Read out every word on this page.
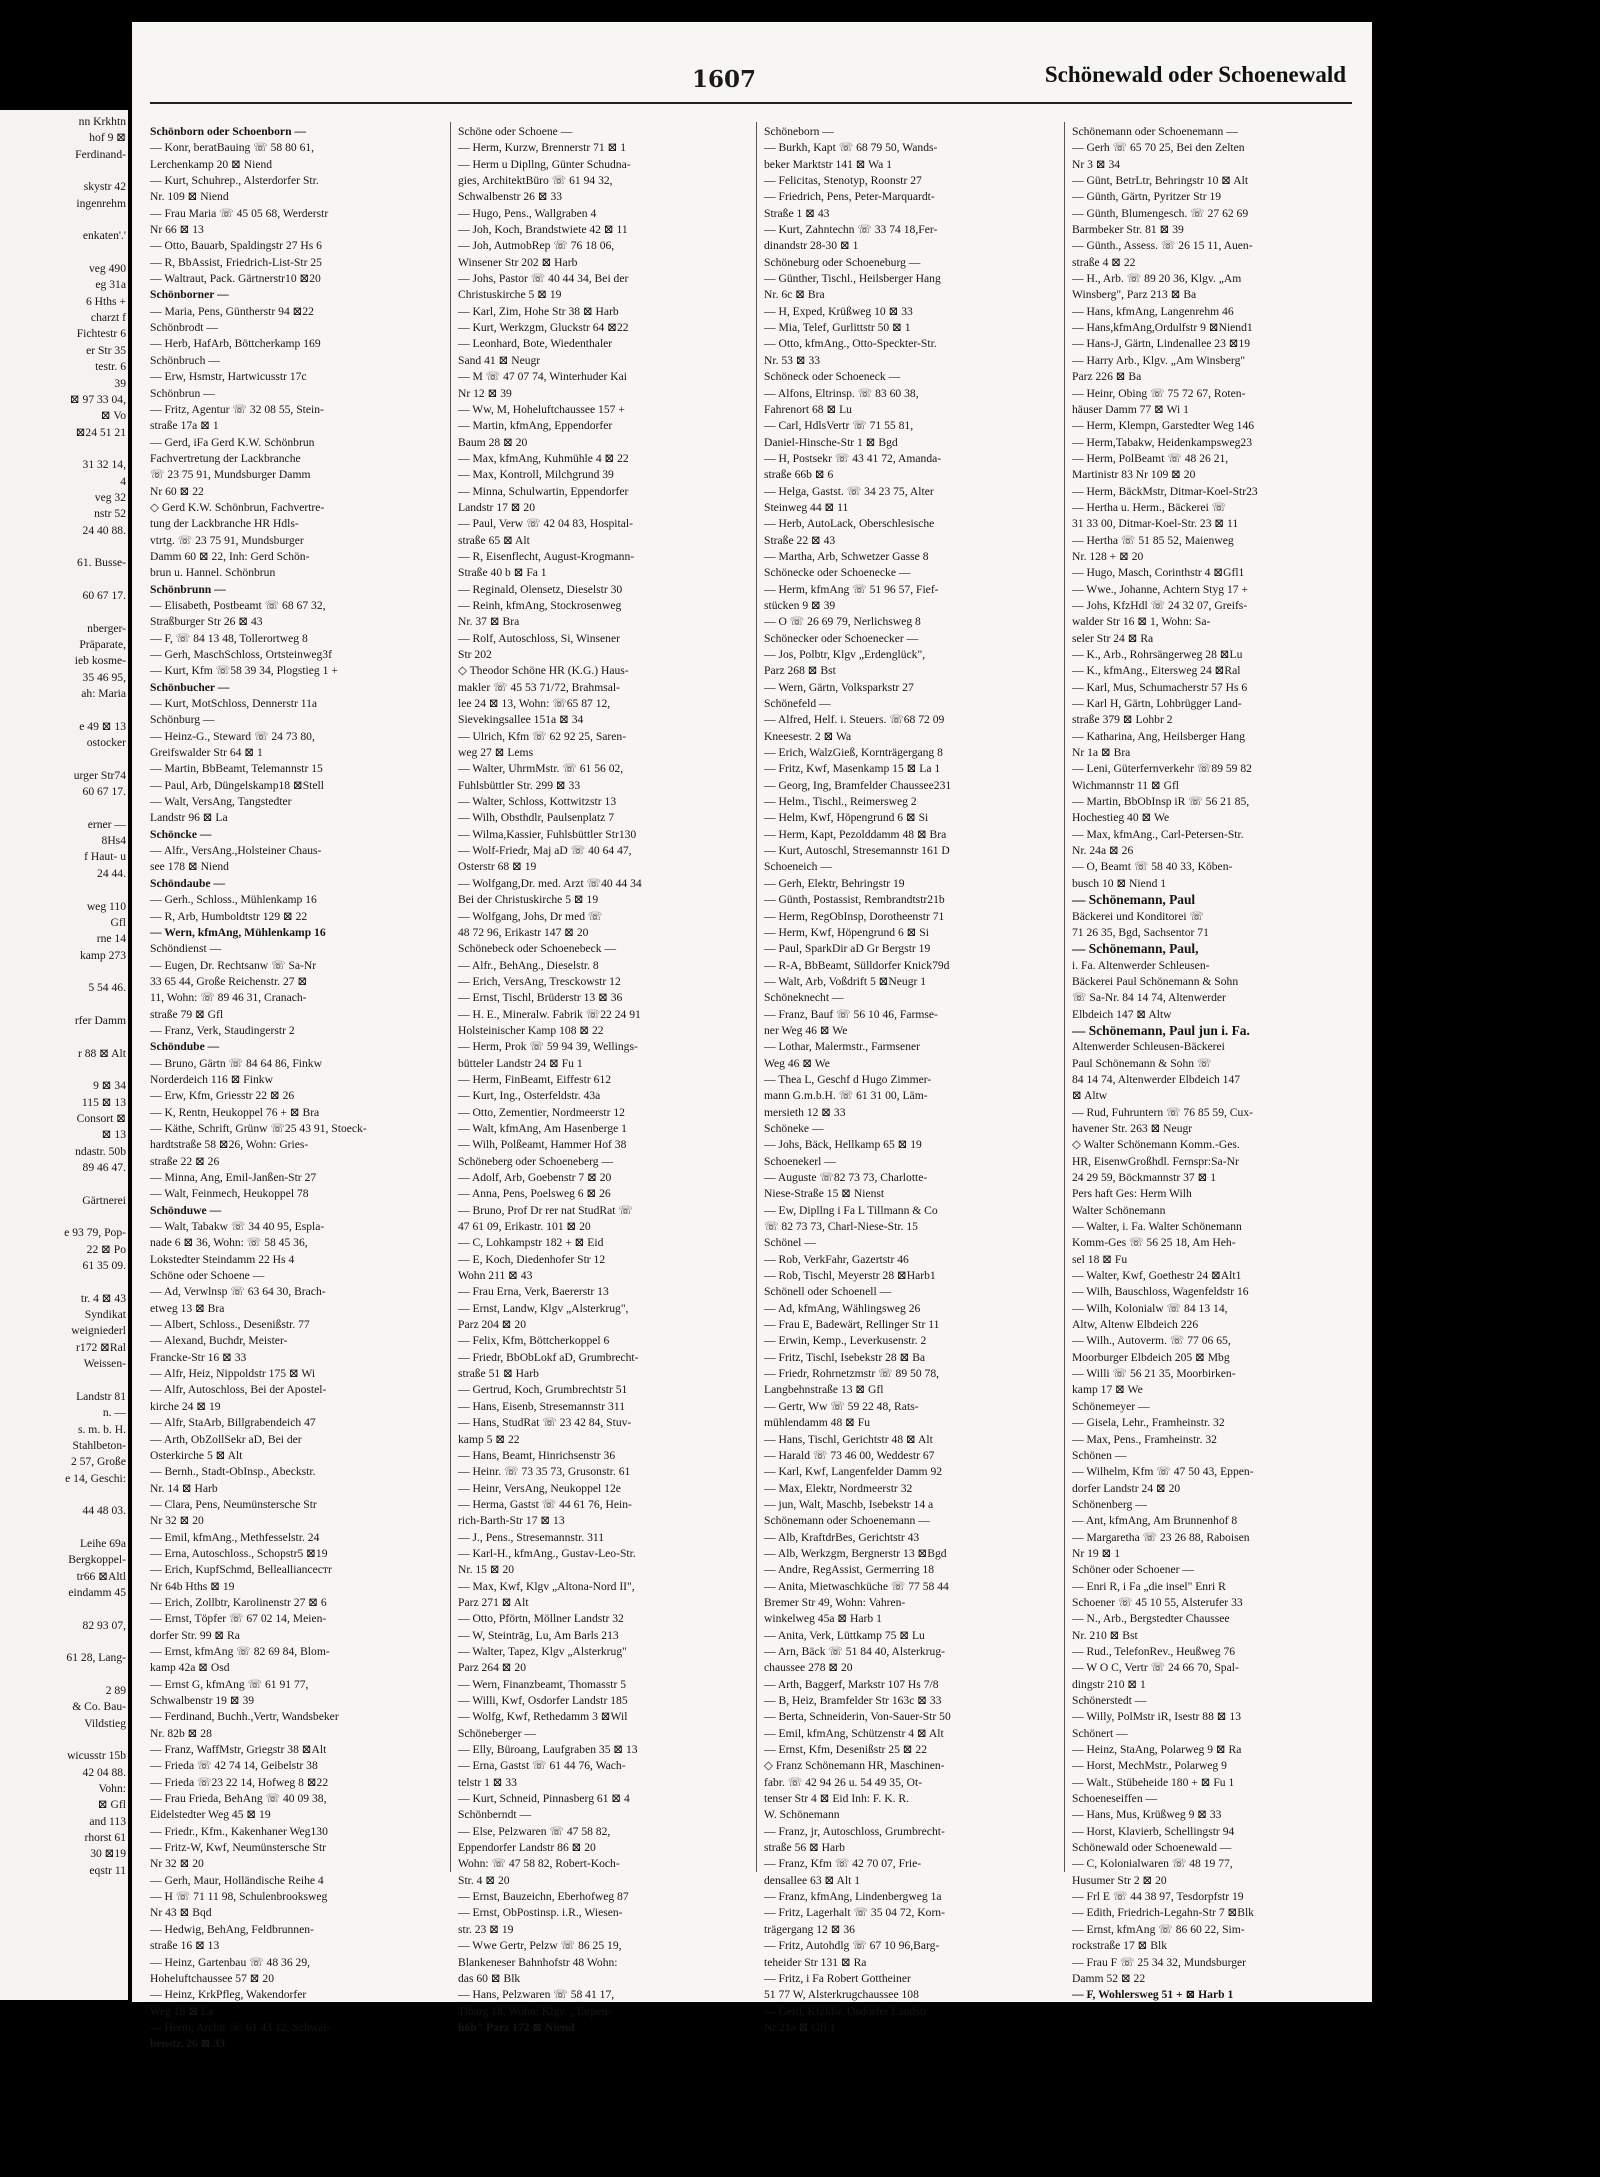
nn Krkhtn
hof 9 ⊠
Ferdinand-

skystr 42
ingenrehm

enkaten'.'

veg 490
eg 31a
6 Hths +
charzt f
Fichtestr 6
er Str 35
testr. 6
39
⊠ 97 33 04,
⊠ Vo
⊠24 51 21

31 32 14,
4
veg 32
nstr 52
24 40 88.

61. Busse-

60 67 17.

nberger-
Präparate,
ieb kosme-
35 46 95,
ah: Maria

e 49 ⊠ 13
ostocker

urger Str74
60 67 17.

erner —
8Hs4
f Haut- u
24 44.

weg 110
Gfl
rne 14
kamp 273

5 54 46.

rfer Damm

r 88 ⊠ Alt

9 ⊠ 34
115 ⊠ 13
Consort ⊠
⊠ 13
ndastr. 50b
89 46 47.

Gärtnerei

e 93 79, Pop-
22 ⊠ Po
61 35 09.

tr. 4 ⊠ 43
Syndikat
weigniederl
r172 ⊠Ral
Weissen-

Landstr 81
n. —
s. m. b. H.
Stahlbeton-
2 57, Große
e 14, Geschi:

44 48 03.

Leihe 69a
Bergkoppel-
tr66 ⊠Altl
eindamm 45

82 93 07,

61 28, Lang-

2 89
& Co. Bau-
Vildstieg

wicusstr 15b
42 04 88.
Vohn:
⊠ Gfl
and 113
rhorst 61
30 ⊠19
eqstr 11
1607	Schönewald oder Schoenewald
Schönborn oder Schoenborn —
— Konr, beratBauing ☏ 58 80 61,
Lerchenkamp 20 ⊠ Niend
— Kurt, Schuhrep., Alsterdorfer Str.
Nr. 109 ⊠ Niend
— Frau Maria ☏ 45 05 68, Werderstr
Nr 66 ⊠ 13
— Otto, Bauarb, Spaldingstr 27 Hs 6
— R, BbAssist, Friedrich-List-Str 25
— Waltraut, Pack. Gärtnerstr10 ⊠20
Schönborner —
— Maria, Pens, Güntherstr 94 ⊠22
Schönbrodt —
— Herb, HafArb, Böttcherkamp 169
Schönbruch —
— Erw, Hsmstr, Hartwicusstr 17c
Schönbrun —
— Fritz, Agentur ☏ 32 08 55, Stein-
straße 17a ⊠ 1
— Gerd, iFa Gerd K.W. Schönbrun
Fachvertretung der Lackbranche
☏ 23 75 91, Mundsburger Damm
Nr 60 ⊠ 22
◇ Gerd K.W. Schönbrun, Fachvertre-
tung der Lackbranche HR Hdls-
vtrtg. ☏ 23 75 91, Mundsburger
Damm 60 ⊠ 22, Inh: Gerd Schön-
brun u. Hannel. Schönbrun
Schönbrunn —
— Elisabeth, Postbeamt ☏ 68 67 32,
Straßburger Str 26 ⊠ 43
— F, ☏ 84 13 48, Tollerortweg 8
— Gerh, MaschSchloss, Ortsteinweg3f
— Kurt, Kfm ☏58 39 34, Plogstieg 1 +
Schönbucher —
— Kurt, MotSchloss, Dennerstr 11a
Schönburg —
— Heinz-G., Steward ☏ 24 73 80,
Greifswalder Str 64 ⊠ 1
— Martin, BbBeamt, Telemannstr 15
— Paul, Arb, Düngelskamp18 ⊠Stell
— Walt, VersAng, Tangstedter
Landstr 96 ⊠ La
Schöncke —
— Alfr., VersAng.,Holsteiner Chaus-
see 178 ⊠ Niend
Schöndaube —
— Gerh., Schloss., Mühlenkamp 16
— R, Arb, Humboldtstr 129 ⊠ 22
— Wern, kfmAng, Mühlenkamp 16
Schöndienst —
— Eugen, Dr. Rechtsanw ☏ Sa-Nr
33 65 44, Große Reichenstr. 27 ⊠
11, Wohn: ☏ 89 46 31, Cranach-
straße 79 ⊠ Gfl
— Franz, Verk, Staudingerstr 2
Schöndube —
— Bruno, Gärtn ☏ 84 64 86, Finkw
Norderdeich 116 ⊠ Finkw
— Erw, Kfm, Griesstr 22 ⊠ 26
— K, Rentn, Heukoppel 76 + ⊠ Bra
— Käthe, Schrift, Grünw ☏25 43 91, Stoeck-
hardtstraße 58 ⊠26, Wohn: Gries-
straße 22 ⊠ 26
— Minna, Ang, Emil-Janßen-Str 27
— Walt, Feinmech, Heukoppel 78
Schönduwe —
— Walt, Tabakw ☏ 34 40 95, Espla-
nade 6 ⊠ 36, Wohn: ☏ 58 45 36,
Lokstedter Steindamm 22 Hs 4
Schöne oder Schoene —
— Ad, Verwlnsp ☏ 63 64 30, Brach-
etweg 13 ⊠ Bra
— Albert, Schloss., Desenißstr. 77
— Alexand, Buchdr, Meister-
Francke-Str 16 ⊠ 33
— Alfr, Heiz, Nippoldstr 175 ⊠ Wi
— Alfr, Autoschloss, Bei der Apostel-
kirche 24 ⊠ 19
— Alfr, StaArb, Billgrabendeich 47
— Arth, ObZollSekr aD, Bei der
Osterkirche 5 ⊠ Alt
— Bernh., Stadt-ObInsp., Abeckstr.
Nr. 14 ⊠ Harb
— Clara, Pens, Neumünstersche Str
Nr 32 ⊠ 20
— Emil, kfmAng., Methfesselstr. 24
— Erna, Autoschloss., Schopstr5 ⊠19
— Erich, KupfSchmd, Belleallianceстr
Nr 64b Hths ⊠ 19
— Erich, Zollbtr, Karolinenstr 27 ⊠ 6
— Ernst, Töpfer ☏ 67 02 14, Meien-
dorfer Str. 99 ⊠ Ra
— Ernst, kfmAng ☏ 82 69 84, Blom-
kamp 42a ⊠ Osd
— Ernst G, kfmAng ☏ 61 91 77,
Schwalbenstr 19 ⊠ 39
— Ferdinand, Buchh.,Vertr, Wandsbeker
Nr. 82b ⊠ 28
— Franz, WaffMstr, Griegstr 38 ⊠Alt
— Frieda ☏ 42 74 14, Geibelstr 38
— Frieda ☏23 22 14, Hofweg 8 ⊠22
— Frau Frieda, BehAng ☏ 40 09 38,
Eidelstedter Weg 45 ⊠ 19
— Friedr., Kfm., Kakenhaner Weg130
— Fritz-W, Kwf, Neumünstersche Str
Nr 32 ⊠ 20
— Gerh, Maur, Holländische Reihe 4
— H ☏ 71 11 98, Schulenbrooksweg
Nr 43 ⊠ Bqd
— Hedwig, BehAng, Feldbrunnen-
straße 16 ⊠ 13
— Heinz, Gartenbau ☏ 48 36 29,
Hoheluftchaussee 57 ⊠ 20
— Heinz, KrkPfleg, Wakendorfer
Weg 18 ⊠ La
— Herm, Archit ☏ 61 43 12, Schwal-
benstr. 26 ⊠ 33
Schöne oder Schoene —
— Herm, Kurzw, Brennerstr 71 ⊠ 1
— Herm u Dipllng, Günter Schudna-
gies, ArchitektBüro ☏ 61 94 32,
Schwalbenstr 26 ⊠ 33
— Hugo, Pens., Wallgraben 4
— Joh, Koch, Brandstwiete 42 ⊠ 11
— Joh, AutmobRep ☏ 76 18 06,
Winsener Str 202 ⊠ Harb
— Johs, Pastor ☏ 40 44 34, Bei der
Christuskirche 5 ⊠ 19
— Karl, Zim, Hohe Str 38 ⊠ Harb
— Kurt, Werkzgm, Gluckstr 64 ⊠22
— Leonhard, Bote, Wiedenthaler
Sand 41 ⊠ Neugr
— M ☏ 47 07 74, Winterhuder Kai
Nr 12 ⊠ 39
— Ww, M, Hoheluftchaussee 157 +
— Martin, kfmAng, Eppendorfer
Baum 28 ⊠ 20
— Max, kfmAng, Kuhmühle 4 ⊠ 22
— Max, Kontroll, Milchgrund 39
— Minna, Schulwartin, Eppendorfer
Landstr 17 ⊠ 20
— Paul, Verw ☏ 42 04 83, Hospital-
straße 65 ⊠ Alt
— R, Eisenflecht, August-Krogmann-
Straße 40 b ⊠ Fa 1
— Reginald, Olensetz, Dieselstr 30
— Reinh, kfmAng, Stockrosenweg
Nr. 37 ⊠ Bra
— Rolf, Autoschloss, Si, Winsener
Str 202
◇ Theodor Schöne HR (K.G.) Haus-
makler ☏ 45 53 71/72, Brahmsal-
lee 24 ⊠ 13, Wohn: ☏65 87 12,
Sievekingsallee 151a ⊠ 34
— Ulrich, Kfm ☏ 62 92 25, Saren-
weg 27 ⊠ Lems
— Walter, UhrmMstr. ☏ 61 56 02,
Fuhlsbüttler Str. 299 ⊠ 33
— Walter, Schloss, Kottwitzstr 13
— Wilh, Obsthdlr, Paulsenplatz 7
— Wilma,Kassier, Fuhlsbüttler Str130
— Wolf-Friedr, Maj aD ☏ 40 64 47,
Osterstr 68 ⊠ 19
— Wolfgang,Dr. med. Arzt ☏40 44 34
Bei der Christuskirche 5 ⊠ 19
— Wolfgang, Johs, Dr med ☏
48 72 96, Erikastr 147 ⊠ 20
Schönebeck oder Schoenebeck —
— Alfr., BehAng., Dieselstr. 8
— Erich, VersAng, Tresckowstr 12
— Ernst, Tischl, Brüderstr 13 ⊠ 36
— H. E., Mineralw. Fabrik ☏22 24 91
Holsteinischer Kamp 108 ⊠ 22
— Herm, Prok ☏ 59 94 39, Wellings-
bütteler Landstr 24 ⊠ Fu 1
— Herm, FinBeamt, Eiffestr 612
— Kurt, Ing., Osterfeldstr. 43a
— Otto, Zementier, Nordmeerstr 12
— Walt, kfmAng, Am Hasenberge 1
— Wilh, Polßeamt, Hammer Hof 38
Schöneberg oder Schoeneberg —
— Adolf, Arb, Goebenstr 7 ⊠ 20
— Anna, Pens, Poelsweg 6 ⊠ 26
— Bruno, Prof Dr rer nat StudRat ☏
47 61 09, Erikastr. 101 ⊠ 20
— C, Lohkampstr 182 + ⊠ Eid
— E, Koch, Diedenhofer Str 12
Wohn 211 ⊠ 43
— Frau Erna, Verk, Baererstr 13
— Ernst, Landw, Klgv „Alsterkrug",
Parz 204 ⊠ 20
— Felix, Kfm, Böttcherkoppel 6
— Friedr, BbObLokf aD, Grumbrecht-
straße 51 ⊠ Harb
— Gertrud, Koch, Grumbrechtstr 51
— Hans, Eisenb, Stresemannstr 311
— Hans, StudRat ☏ 23 42 84, Stuv-
kamp 5 ⊠ 22
— Hans, Beamt, Hinrichsenstr 36
— Heinr. ☏ 73 35 73, Grusonstr. 61
— Heinr, VersAng, Neukoppel 12e
— Herma, Gastst ☏ 44 61 76, Hein-
rich-Barth-Str 17 ⊠ 13
— J., Pens., Stresemannstr. 311
— Karl-H., kfmAng., Gustav-Leo-Str.
Nr. 15 ⊠ 20
— Max, Kwf, Klgv „Altona-Nord II",
Parz 271 ⊠ Alt
— Otto, Pförtn, Möllner Landstr 32
— W, Steintrāg, Lu, Am Barls 213
— Walter, Tapez, Klgv „Alsterkrug"
Parz 264 ⊠ 20
— Wern, Finanzbeamt, Thomasstr 5
— Willi, Kwf, Osdorfer Landstr 185
— Wolfg, Kwf, Rethedamm 3 ⊠Wil
Schöneberger —
— Elly, Büroang, Laufgraben 35 ⊠ 13
— Erna, Gastst ☏ 61 44 76, Wach-
telstr 1 ⊠ 33
— Kurt, Schneid, Pinnasberg 61 ⊠ 4
Schönberndt —
— Else, Pelzwaren ☏ 47 58 82,
Eppendorfer Landstr 86 ⊠ 20
Wohn: ☏ 47 58 82, Robert-Koch-
Str. 4 ⊠ 20
— Ernst, Bauzeichn, Eberhofweg 87
— Ernst, ObPostinsp. i.R., Wiesen-
str. 23 ⊠ 19
— Wwe Gertr, Pelzw ☏ 86 25 19,
Blankeneser Bahnhofstr 48 Wohn:
das 60 ⊠ Blk
— Hans, Pelzwaren ☏ 58 41 17,
Tibarg 18, Wohn: Klgv. „Tarpen-
höh" Parz 172 ⊠ Niend
Schöneborn —
— Burkh, Kapt ☏ 68 79 50, Wands-
beker Marktstr 141 ⊠ Wa 1
— Felicitas, Stenotyp, Roonstr 27
— Friedrich, Pens, Peter-Marquardt-
Straße 1 ⊠ 43
— Kurt, Zahntechn ☏ 33 74 18,Fer-
dinandstr 28-30 ⊠ 1
Schöneburg oder Schoeneburg —
— Günther, Tischl., Heilsberger Hang
Nr. 6c ⊠ Bra
— H, Exped, Krüßweg 10 ⊠ 33
— Mia, Telef, Gurlittstr 50 ⊠ 1
— Otto, kfmAng., Otto-Speckter-Str.
Nr. 53 ⊠ 33
Schöneck oder Schoeneck —
— Alfons, Eltrinsp. ☏ 83 60 38,
Fahrenort 68 ⊠ Lu
— Carl, HdlsVertr ☏ 71 55 81,
Daniel-Hinsche-Str 1 ⊠ Bgd
— H, Postsekr ☏ 43 41 72, Amanda-
straße 66b ⊠ 6
— Helga, Gastst. ☏ 34 23 75, Alter
Steinweg 44 ⊠ 11
— Herb, AutoLack, Oberschlesische
Straße 22 ⊠ 43
— Martha, Arb, Schwetzer Gasse 8
Schönecke oder Schoenecke —
— Herm, kfmAng ☏ 51 96 57, Fief-
stücken 9 ⊠ 39
— O ☏ 26 69 79, Nerlichsweg 8
Schönecker oder Schoenecker —
— Jos, Polbtr, Klgv „Erdenglück",
Parz 268 ⊠ Bst
— Wern, Gärtn, Volksparkstr 27
Schönefeld —
— Alfred, Helf. i. Steuers. ☏68 72 09
Kneesestr. 2 ⊠ Wa
— Erich, WalzGieß, Kornträgergang 8
— Fritz, Kwf, Masenkamp 15 ⊠ La 1
— Georg, Ing, Bramfelder Chaussee231
— Helm., Tischl., Reimersweg 2
— Helm, Kwf, Höpengrund 6 ⊠ Si
— Herm, Kapt, Pezolddamm 48 ⊠ Bra
— Kurt, Autoschl, Stresemannstr 161 D
Schoeneich —
— Gerh, Elektr, Behringstr 19
— Günth, Postassist, Rembrandtstr21b
— Herm, RegObInsp, Dorotheenstr 71
— Herm, Kwf, Höpengrund 6 ⊠ Si
— Paul, SparkDir aD Gr Bergstr 19
— R-A, BbBeamt, Sülldorfer Knick79d
— Walt, Arb, Voßdrift 5 ⊠Neugr 1
Schöneknecht —
— Franz, Bauf ☏ 56 10 46, Farmse-
ner Weg 46 ⊠ We
— Lothar, Malermstr., Farmsener
Weg 46 ⊠ We
— Thea L, Geschf d Hugo Zimmer-
mann G.m.b.H. ☏ 61 31 00, Läm-
mersieth 12 ⊠ 33
Schöneke —
— Johs, Bäck, Hellkamp 65 ⊠ 19
Schoenekerl —
— Auguste ☏82 73 73, Charlotte-
Niese-Straße 15 ⊠ Nienst
— Ew, Dipllng i Fa L Tillmann & Co
☏ 82 73 73, Charl-Niese-Str. 15
Schönel —
— Rob, VerkFahr, Gazertstr 46
— Rob, Tischl, Meyerstr 28 ⊠Harb1
Schönell oder Schoenell —
— Ad, kfmAng, Wählingsweg 26
— Frau E, Badewärt, Rellinger Str 11
— Erwin, Kemp., Leverkusenstr. 2
— Fritz, Tischl, Isebekstr 28 ⊠ Ba
— Friedr, Rohrnetzmstr ☏ 89 50 78,
Langbehnstraße 13 ⊠ Gfl
— Gertr, Ww ☏ 59 22 48, Rats-
mühlendamm 48 ⊠ Fu
— Hans, Tischl, Gerichtstr 48 ⊠ Alt
— Harald ☏ 73 46 00, Weddestr 67
— Karl, Kwf, Langenfelder Damm 92
— Max, Elektr, Nordmeerstr 32
— jun, Walt, Maschb, Isebekstr 14 a
Schönemann oder Schoenemann —
— Alb, KraftdrBes, Gerichtstr 43
— Alb, Werkzgm, Bergnerstr 13 ⊠Bgd
— Andre, RegAssist, Germerring 18
— Anita, Mietwaschküche ☏ 77 58 44
Bremer Str 49, Wohn: Vahren-
winkelweg 45a ⊠ Harb 1
— Anita, Verk, Lüttkamp 75 ⊠ Lu
— Arn, Bäck ☏ 51 84 40, Alsterkrug-
chaussee 278 ⊠ 20
— Arth, Baggerf, Markstr 107 Hs 7/8
— B, Heiz, Bramfelder Str 163c ⊠ 33
— Berta, Schneiderin, Von-Sauer-Str 50
— Emil, kfmAng, Schützenstr 4 ⊠ Alt
— Ernst, Kfm, Desenißstr 25 ⊠ 22
◇ Franz Schönemann HR, Maschinen-
fabr. ☏ 42 94 26 u. 54 49 35, Ot-
tenser Str 4 ⊠ Eid Inh: F. K. R.
W. Schönemann
— Franz, jr, Autoschloss, Grumbrecht-
straße 56 ⊠ Harb
— Franz, Kfm ☏ 42 70 07, Frie-
densallee 63 ⊠ Alt 1
— Franz, kfmAng, Lindenbergweg 1a
— Fritz, Lagerhalt ☏ 35 04 72, Korn-
trägergang 12 ⊠ 36
— Fritz, Autohdlg ☏ 67 10 96,Barg-
teheider Str 131 ⊠ Ra
— Fritz, i Fa Robert Gottheiner
51 77 W, Alsterkrugchaussee 108
— Gerd, Kfzldw, Osdorfer Landstr
Nr 21a ⊠ Gfl 1
Schönemann oder Schoenemann —
— Gerh ☏ 65 70 25, Bei den Zelten
Nr 3 ⊠ 34
— Günt, BetrLtr, Behringstr 10 ⊠ Alt
— Günth, Gärtn, Pyritzer Str 19
— Günth, Blumengesch. ☏ 27 62 69
Barmbeker Str. 81 ⊠ 39
— Günth., Assess. ☏ 26 15 11, Auen-
straße 4 ⊠ 22
— H., Arb. ☏ 89 20 36, Klgv. „Am
Winsberg", Parz 213 ⊠ Ba
— Hans, kfmAng, Langenrehm 46
— Hans,kfmAng,Ordulfstr 9 ⊠Niend1
— Hans-J, Gärtn, Lindenallee 23 ⊠19
— Harry Arb., Klgv. „Am Winsberg"
Parz 226 ⊠ Ba
— Heinr, Obing ☏ 75 72 67, Roten-
häuser Damm 77 ⊠ Wi 1
— Herm, Klempn, Garstedter Weg 146
— Herm,Tabakw, Heidenkampsweg23
— Herm, PolBeamt ☏ 48 26 21,
Martinistr 83 Nr 109 ⊠ 20
— Herm, BäckMstr, Ditmar-Koel-Str23
— Hertha u. Herm., Bäckerei ☏
31 33 00, Ditmar-Koel-Str. 23 ⊠ 11
— Hertha ☏ 51 85 52, Maienweg
Nr. 128 + ⊠ 20
— Hugo, Masch, Corinthstr 4 ⊠Gfl1
— Wwe., Johanne, Achtern Styg 17 +
— Johs, KfzHdl ☏ 24 32 07, Greifs-
walder Str 16 ⊠ 1, Wohn: Sa-
seler Str 24 ⊠ Ra
— K., Arb., Rohrsängerweg 28 ⊠Lu
— K., kfmAng., Eitersweg 24 ⊠Ral
— Karl, Mus, Schumacherstr 57 Hs 6
— Karl H, Gärtn, Lohbrügger Land-
straße 379 ⊠ Lohbr 2
— Katharina, Ang, Heilsberger Hang
Nr 1a ⊠ Bra
— Leni, Güterfernverkehr ☏89 59 82
Wichmannstr 11 ⊠ Gfl
— Martin, BbObInsp iR ☏ 56 21 85,
Hochestieg 40 ⊠ We
— Max, kfmAng., Carl-Petersen-Str.
Nr. 24a ⊠ 26
— O, Beamt ☏ 58 40 33, Köben-
busch 10 ⊠ Niend 1
— Schönemann, Paul
Bäckerei und Konditorei ☏
71 26 35, Bgd, Sachsentor 71
— Schönemann, Paul,
i. Fa. Altenwerder Schleusen-
Bäckerei Paul Schönemann & Sohn
☏ Sa-Nr. 84 14 74, Altenwerder
Elbdeich 147 ⊠ Altw
— Schönemann, Paul jun i. Fa.
Altenwerder Schleusen-Bäckerei
Paul Schönemann & Sohn ☏
84 14 74, Altenwerder Elbdeich 147
⊠ Altw
— Rud, Fuhruntern ☏ 76 85 59, Cux-
havener Str. 263 ⊠ Neugr
◇ Walter Schönemann Komm.-Ges.
HR, EisenwGroßhdl. Fernspr:Sa-Nr
24 29 59, Böckmannstr 37 ⊠ 1
Pers haft Ges: Herm Wilh
Walter Schönemann
— Walter, i. Fa. Walter Schönemann
Komm-Ges ☏ 56 25 18, Am Heh-
sel 18 ⊠ Fu
— Walter, Kwf, Goethestr 24 ⊠Alt1
— Wilh, Bauschloss, Wagenfeldstr 16
— Wilh, Kolonialw ☏ 84 13 14,
Altw, Altenw Elbdeich 226
— Wilh., Autoverm. ☏ 77 06 65,
Moorburger Elbdeich 205 ⊠ Mbg
— Willi ☏ 56 21 35, Moorbirken-
kamp 17 ⊠ We
Schönemeyer —
— Gisela, Lehr., Framheinstr. 32
— Max, Pens., Framheinstr. 32
Schönen —
— Wilhelm, Kfm ☏ 47 50 43, Eppen-
dorfer Landstr 24 ⊠ 20
Schönenberg —
— Ant, kfmAng, Am Brunnenhof 8
— Margaretha ☏ 23 26 88, Raboisen
Nr 19 ⊠ 1
Schöner oder Schoener —
— Enri R, i Fa „die insel" Enri R
Schoener ☏ 45 10 55, Alsterufer 33
— N., Arb., Bergstedter Chaussee
Nr. 210 ⊠ Bst
— Rud., TelefonRev., Heußweg 76
— W O C, Vertr ☏ 24 66 70, Spal-
dingstr 210 ⊠ 1
Schönerstedt —
— Willy, PolMstr iR, Isestr 88 ⊠ 13
Schönert —
— Heinz, StaAng, Polarweg 9 ⊠ Ra
— Horst, MechMstr., Polarweg 9
— Walt., Stübeheide 180 + ⊠ Fu 1
Schoeneseiffen —
— Hans, Mus, Krüßweg 9 ⊠ 33
— Horst, Klavierb, Schellingstr 94
Schönewald oder Schoenewald —
— C, Kolonialwaren ☏ 48 19 77,
Husumer Str 2 ⊠ 20
— Frl E ☏ 44 38 97, Tesdorpfstr 19
— Edith, Friedrich-Legahn-Str 7 ⊠Blk
— Ernst, kfmAng ☏ 86 60 22, Sim-
rockstraße 17 ⊠ Blk
— Frau F ☏ 25 34 32, Mundsburger
Damm 52 ⊠ 22
— F, Wohlersweg 51 + ⊠ Harb 1
